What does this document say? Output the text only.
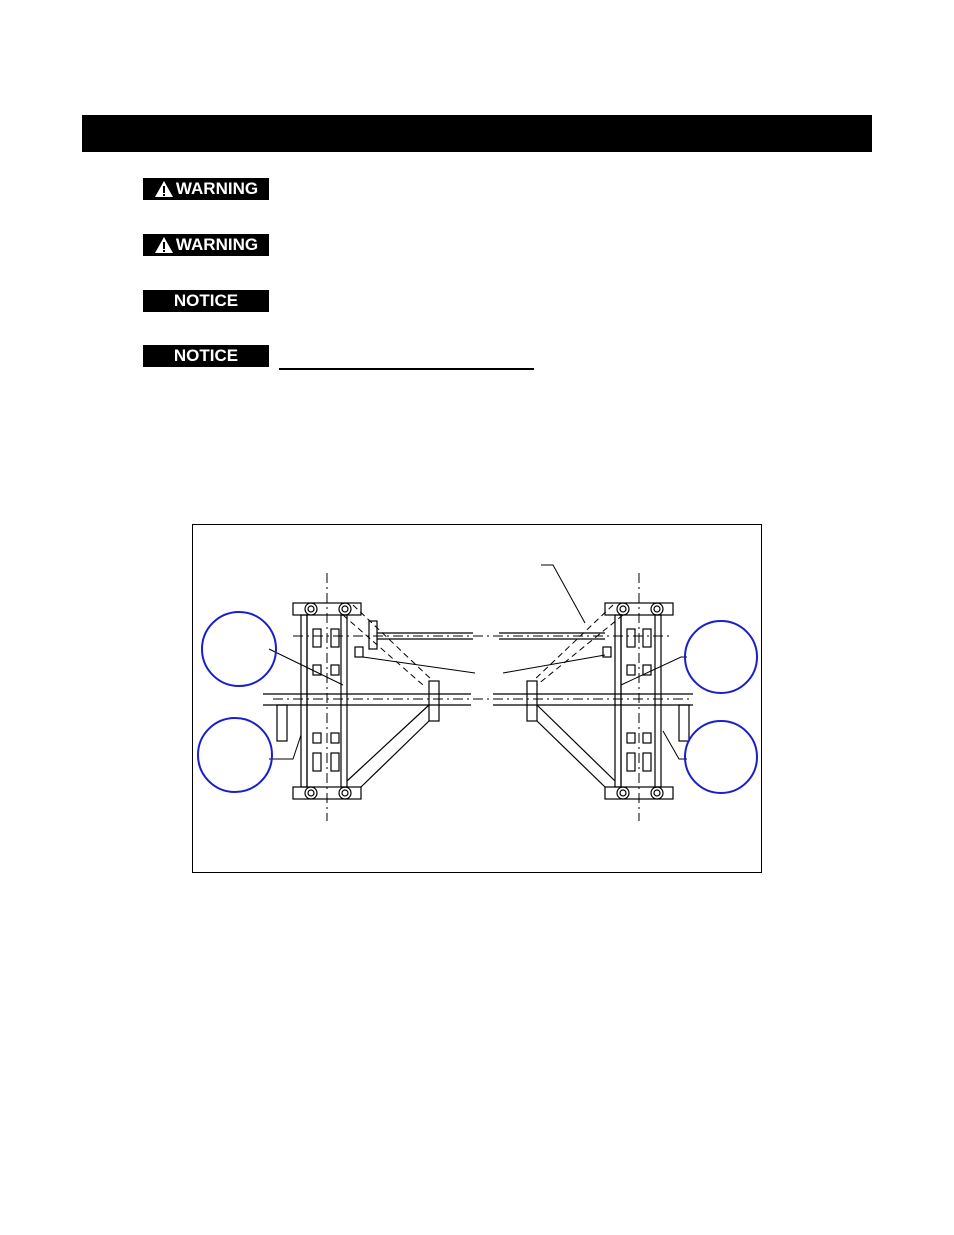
WARNING
WARNING
NOTICE
NOTICE
